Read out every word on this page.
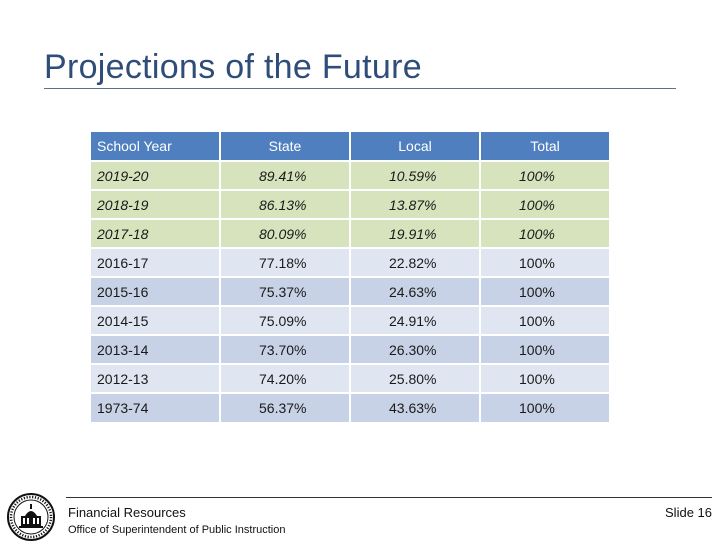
Projections of the Future
School Year	State	Local	Total
2019-20	89.41%	10.59%	100%
2018-19	86.13%	13.87%	100%
2017-18	80.09%	19.91%	100%
2016-17	77.18%	22.82%	100%
2015-16	75.37%	24.63%	100%
2014-15	75.09%	24.91%	100%
2013-14	73.70%	26.30%	100%
2012-13	74.20%	25.80%	100%
1973-74	56.37%	43.63%	100%
Financial Resources
Office of Superintendent of Public Instruction
Slide 16
